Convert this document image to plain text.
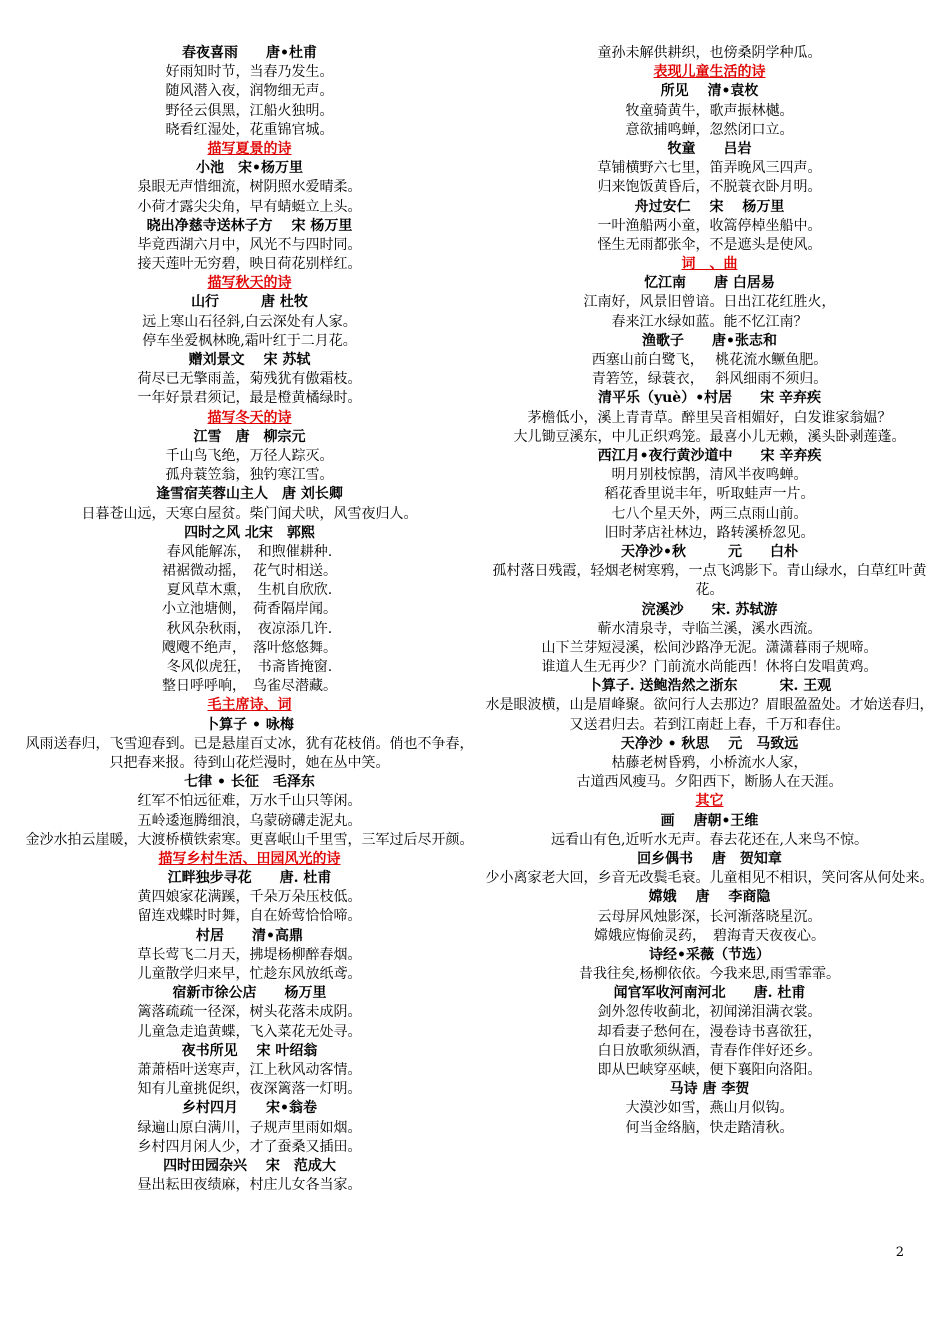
春夜喜雨　　唐•杜甫
好雨知时节，当春乃发生。
随风潜入夜，润物细无声。
野径云俱黑，江船火独明。
晓看红湿处，花重锦官城。
描写夏景的诗
小池　宋•杨万里
泉眼无声惜细流，树阴照水爱晴柔。
小荷才露尖尖角，早有蜻蜓立上头。
晓出净慈寺送林子方　 宋 杨万里
毕竟西湖六月中，风光不与四时同。
接天莲叶无穷碧，映日荷花别样红。
描写秋天的诗
山行　　　唐 杜牧
远上寒山石径斜,白云深处有人家。
停车坐爱枫林晚,霜叶红于二月花。
赠刘景文　 宋 苏轼
荷尽已无擎雨盖，菊残犹有傲霜枝。
一年好景君须记，最是橙黄橘绿时。
描写冬天的诗
江雪　唐　柳宗元
千山鸟飞绝，万径人踪灭。
孤舟蓑笠翁，独钓寒江雪。
逢雪宿芙蓉山主人　唐 刘长卿
日暮苍山远，天寒白屋贫。柴门闻犬吠，风雪夜归人。
四时之风 北宋　郭熙
春风能解冻，　和煦催耕种.
裙裾微动摇，　花气时相送。
夏风草木熏，　生机自欣欣.
小立池塘侧，　荷香隔岸闻。
秋风杂秋雨，　夜凉添几许.
飕飕不绝声，　落叶悠悠舞。
冬风似虎狂，　书斋皆掩窗.
整日呼呼响，　鸟雀尽潜藏。
毛主席诗、词
卜算子 • 咏梅
风雨送春归，飞雪迎春到。已是悬崖百丈冰，犹有花枝俏。俏也不争春，只把春来报。待到山花烂漫时，她在丛中笑。
七律 • 长征　毛泽东
红军不怕远征难，万水千山只等闲。
五岭逶迤腾细浪，乌蒙磅礴走泥丸。
金沙水拍云崖暖，大渡桥横铁索寒。更喜岷山千里雪，三军过后尽开颜。
描写乡村生活、田园风光的诗
江畔独步寻花　　唐. 杜甫
黄四娘家花满蹊，千朵万朵压枝低。
留连戏蝶时时舞，自在娇莺恰恰啼。
村居　　清•高鼎
草长莺飞二月天，拂堤杨柳醉春烟。
儿童散学归来早，忙趁东风放纸鸢。
宿新市徐公店　　杨万里
篱落疏疏一径深，树头花落未成阴。
儿童急走追黄蝶，飞入菜花无处寻。
夜书所见　 宋 叶绍翁
萧萧梧叶送寒声，江上秋风动客情。
知有儿童挑促织，夜深篱落一灯明。
乡村四月　　宋•翁卷
绿遍山原白满川，子规声里雨如烟。
乡村四月闲人少，才了蚕桑又插田。
四时田园杂兴　 宋　范成大
昼出耘田夜绩麻，村庄儿女各当家。
童孙未解供耕织，也傍桑阴学种瓜。
表现儿童生活的诗
所见　 清•袁枚
牧童骑黄牛，歌声振林樾。
意欲捕鸣蝉，忽然闭口立。
牧童　　吕岩
草铺横野六七里，笛弄晚风三四声。
归来饱饭黄昏后，不脱蓑衣卧月明。
舟过安仁　 宋　 杨万里
一叶渔船两小童，收篙停棹坐船中。
怪生无雨都张伞，不是遮头是使风。
词　、曲
忆江南　　唐 白居易
江南好，风景旧曾谙。日出江花红胜火，
春来江水绿如蓝。能不忆江南？
渔歌子　　唐•张志和
西塞山前白鹭飞，　 桃花流水鳜鱼肥。
青箬笠，绿蓑衣，　 斜风细雨不须归。
清平乐（yuè）•村居　　宋 辛弃疾
茅檐低小，溪上青青草。醉里吴音相媚好，白发谁家翁媪？
大儿锄豆溪东，中儿正织鸡笼。最喜小儿无赖，溪头卧剥莲蓬。
西江月•夜行黄沙道中　　宋 辛弃疾
明月别枝惊鹊，清风半夜鸣蝉。
稻花香里说丰年，听取蛙声一片。
七八个星天外，两三点雨山前。
旧时茅店社林边，路转溪桥忽见。
天净沙•秋　　　元　　白朴
孤村落日残霞，轻烟老树寒鸦，一点飞鸿影下。青山绿水，白草红叶黄花。
浣溪沙　　宋. 苏轼游
蕲水清泉寺，寺临兰溪，溪水西流。
山下兰芽短浸溪，松间沙路净无泥。潇潇暮雨子规啼。
谁道人生无再少？门前流水尚能西！休将白发唱黄鸡。
卜算子. 送鲍浩然之浙东　　　宋. 王观
水是眼波横，山是眉峰聚。欲问行人去那边？眉眼盈盈处。才始送春归，又送君归去。若到江南赶上春，千万和春住。
天净沙 • 秋思　 元　马致远
枯藤老树昏鸦，小桥流水人家，
古道西风瘦马。夕阳西下，断肠人在天涯。
其它
画　 唐朝•王维
远看山有色,近听水无声。春去花还在,人来鸟不惊。
回乡偶书　 唐　贺知章
少小离家老大回，乡音无改鬓毛衰。儿童相见不相识，笑问客从何处来。
嫦娥　 唐　 李商隐
云母屏风烛影深，长河渐落晓星沉。
嫦娥应悔偷灵药，　碧海青天夜夜心。
诗经•采薇（节选）
昔我往矣,杨柳依依。今我来思,雨雪霏霏。
闻官军收河南河北　　唐. 杜甫
剑外忽传收蓟北，初闻涕泪满衣裳。
却看妻子愁何在，漫卷诗书喜欲狂，
白日放歌须纵酒，青春作伴好还乡。
即从巴峡穿巫峡，便下襄阳向洛阳。
马诗 唐 李贺
大漠沙如雪，燕山月似钩。
何当金络脑，快走踏清秋。
2
